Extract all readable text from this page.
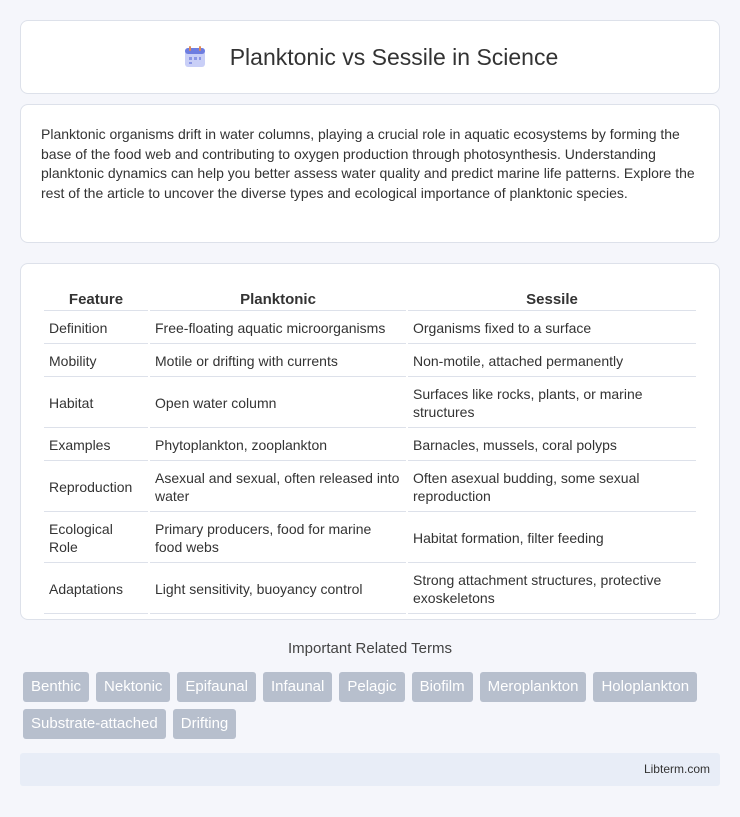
Planktonic vs Sessile in Science

Planktonic organisms drift in water columns, playing a crucial role in aquatic ecosystems by forming the base of the food web and contributing to oxygen production through photosynthesis. Understanding planktonic dynamics can help you better assess water quality and predict marine life patterns. Explore the rest of the article to uncover the diverse types and ecological importance of planktonic species.

Feature	Planktonic	Sessile
Definition	Free-floating aquatic microorganisms	Organisms fixed to a surface
Mobility	Motile or drifting with currents	Non-motile, attached permanently
Habitat	Open water column	Surfaces like rocks, plants, or marine structures
Examples	Phytoplankton, zooplankton	Barnacles, mussels, coral polyps
Reproduction	Asexual and sexual, often released into water	Often asexual budding, some sexual reproduction
Ecological Role	Primary producers, food for marine food webs	Habitat formation, filter feeding
Adaptations	Light sensitivity, buoyancy control	Strong attachment structures, protective exoskeletons
Important Related Terms
Benthic	Nektonic	Epifaunal	Infaunal	Pelagic	Biofilm	Meroplankton	Holoplankton
Substrate-attached	Drifting
Libterm.com
